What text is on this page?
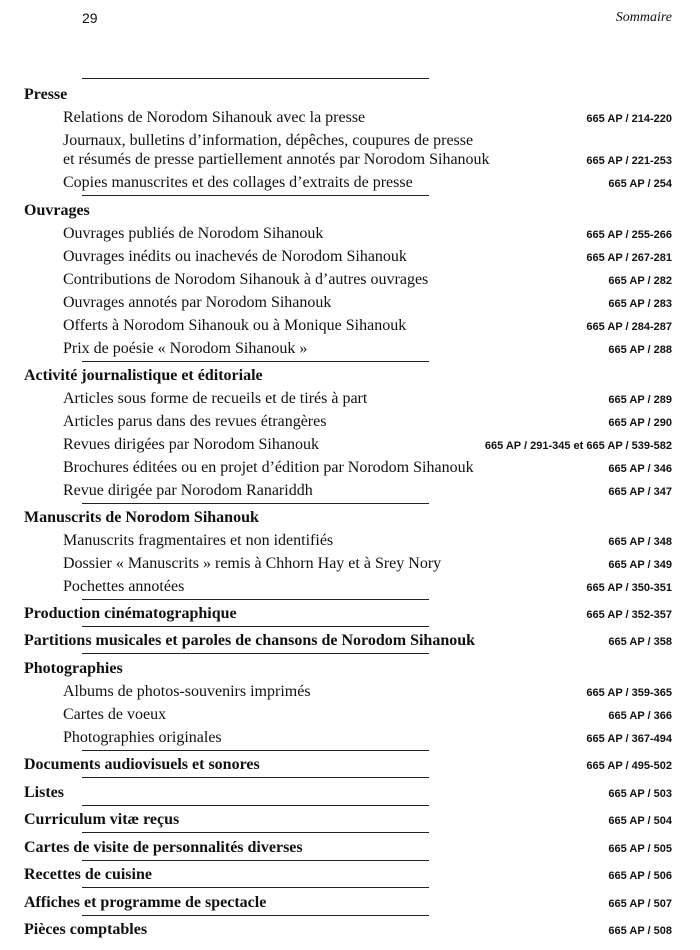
29	Sommaire
Presse
Relations de Norodom Sihanouk avec la presse	665 AP / 214-220
Journaux, bulletins d’information, dépêches, coupures de presse
et résumés de presse partiellement annotés par Norodom Sihanouk	665 AP / 221-253
Copies manuscrites et des collages d’extraits de presse	665 AP / 254
Ouvrages
Ouvrages publiés de Norodom Sihanouk	665 AP / 255-266
Ouvrages inédits ou inachevés de Norodom Sihanouk	665 AP / 267-281
Contributions de Norodom Sihanouk à d’autres ouvrages	665 AP / 282
Ouvrages annotés par Norodom Sihanouk	665 AP / 283
Offerts à Norodom Sihanouk ou à Monique Sihanouk	665 AP / 284-287
Prix de poésie « Norodom Sihanouk »	665 AP / 288
Activité journalistique et éditoriale
Articles sous forme de recueils et de tirés à part	665 AP / 289
Articles parus dans des revues étrangères	665 AP / 290
Revues dirigées par Norodom Sihanouk	665 AP / 291-345 et 665 AP / 539-582
Brochures éditées ou en projet d’édition par Norodom Sihanouk	665 AP / 346
Revue dirigée par Norodom Ranariddh	665 AP / 347
Manuscrits de Norodom Sihanouk
Manuscrits fragmentaires et non identifiés	665 AP / 348
Dossier « Manuscrits » remis à Chhorn Hay et à Srey Nory	665 AP / 349
Pochettes annotées	665 AP / 350-351
Production cinématographique	665 AP / 352-357
Partitions musicales et paroles de chansons de Norodom Sihanouk	665 AP / 358
Photographies
Albums de photos-souvenirs imprimés	665 AP / 359-365
Cartes de voeux	665 AP / 366
Photographies originales	665 AP / 367-494
Documents audiovisuels et sonores	665 AP / 495-502
Listes	665 AP / 503
Curriculum vitæ reçus	665 AP / 504
Cartes de visite de personnalités diverses	665 AP / 505
Recettes de cuisine	665 AP / 506
Affiches et programme de spectacle	665 AP / 507
Pièces comptables	665 AP / 508
